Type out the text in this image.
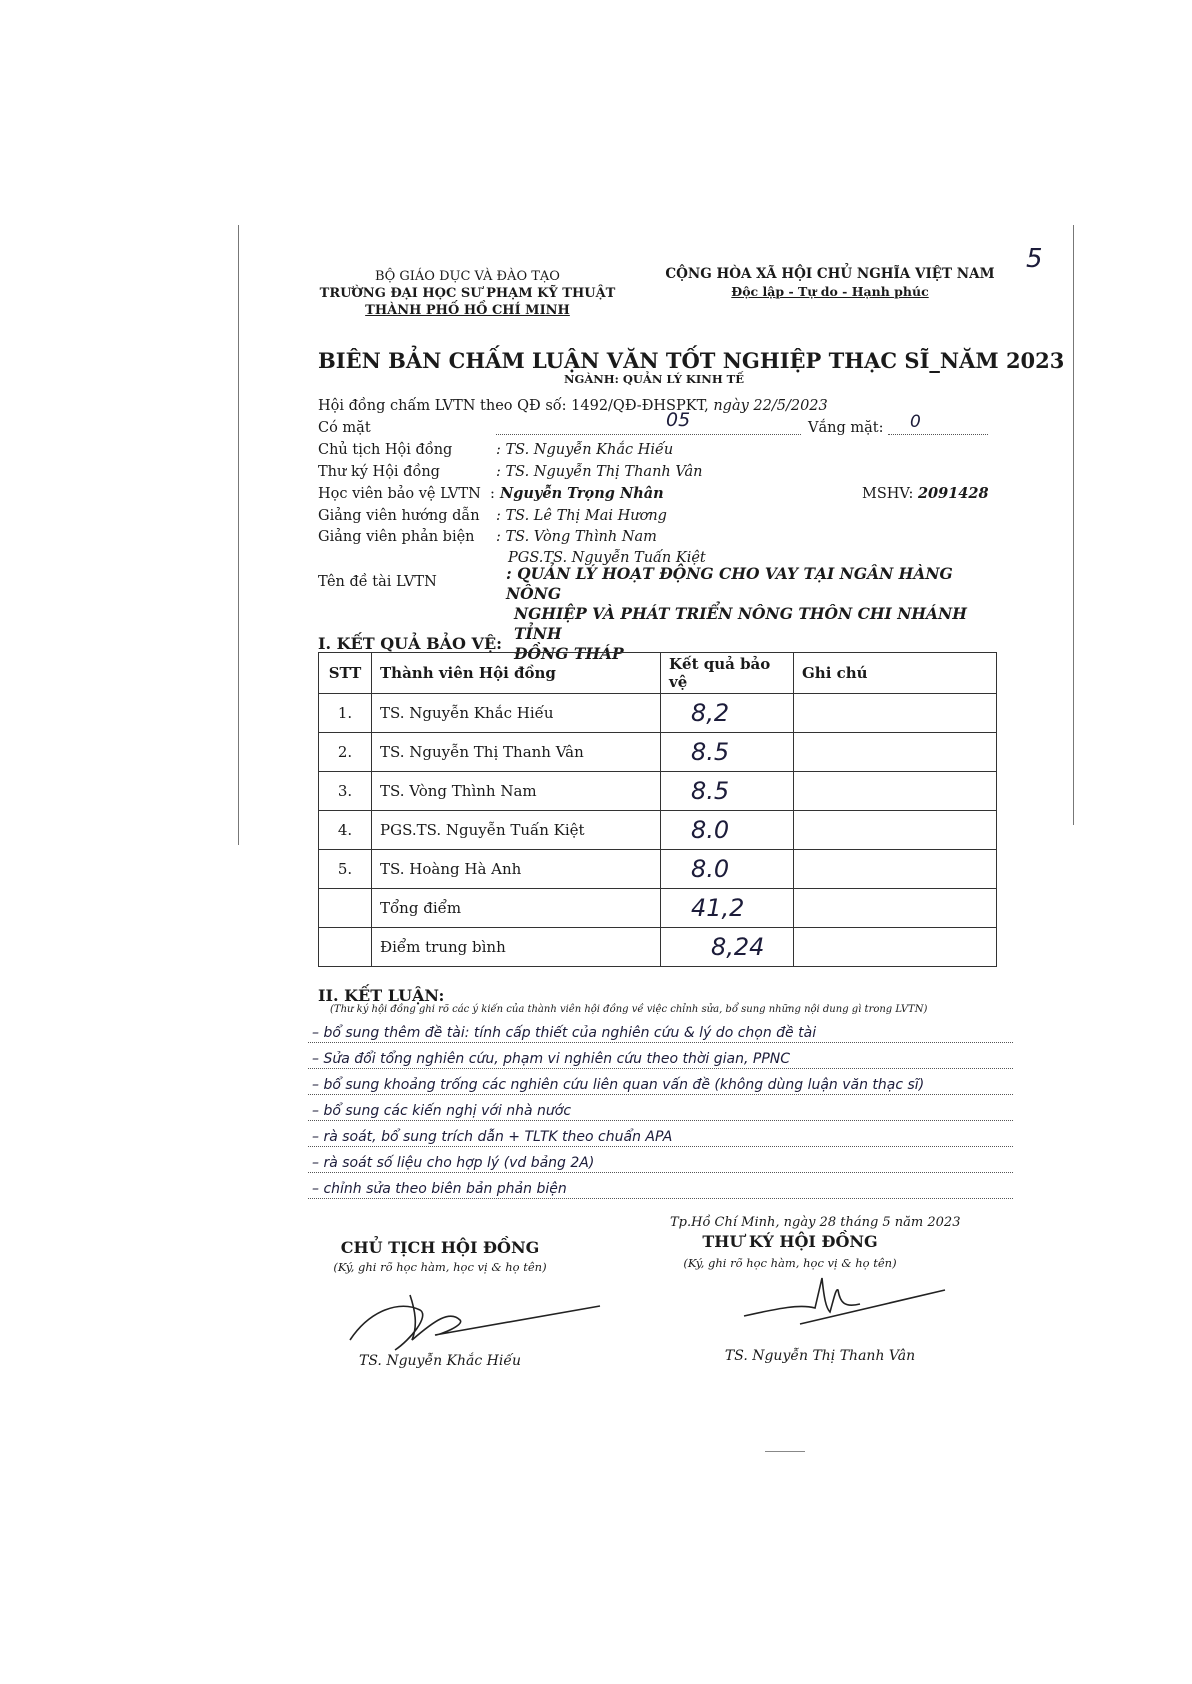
5
BỘ GIÁO DỤC VÀ ĐÀO TẠO
TRƯỜNG ĐẠI HỌC SƯ PHẠM KỸ THUẬT
THÀNH PHỐ HỒ CHÍ MINH
CỘNG HÒA XÃ HỘI CHỦ NGHĨA VIỆT NAM
Độc lập - Tự do - Hạnh phúc
BIÊN BẢN CHẤM LUẬN VĂN TỐT NGHIỆP THẠC SĨ_NĂM 2023
NGÀNH: QUẢN LÝ KINH TẾ
Hội đồng chấm LVTN theo QĐ số: 1492/QĐ-ĐHSPKT, ngày 22/5/2023
Có mặt	05	Vắng mặt: 0
Chủ tịch Hội đồng	: TS. Nguyễn Khắc Hiếu
Thư ký Hội đồng	: TS. Nguyễn Thị Thanh Vân
Học viên bảo vệ LVTN : Nguyễn Trọng Nhân	MSHV: 2091428
Giảng viên hướng dẫn : TS. Lê Thị Mai Hương
Giảng viên phản biện : TS. Vòng Thình Nam
PGS.TS. Nguyễn Tuấn Kiệt
Tên đề tài LVTN	: QUẢN LÝ HOẠT ĐỘNG CHO VAY TẠI NGÂN HÀNG NÔNG
NGHIỆP VÀ PHÁT TRIỂN NÔNG THÔN CHI NHÁNH TỈNH
ĐỒNG THÁP
I. KẾT QUẢ BẢO VỆ:
STT	Thành viên Hội đồng	Kết quả bảo vệ	Ghi chú
1.	TS. Nguyễn Khắc Hiếu	8,2	
2.	TS. Nguyễn Thị Thanh Vân	8.5	
3.	TS. Vòng Thình Nam	8.5	
4.	PGS.TS. Nguyễn Tuấn Kiệt	8.0	
5.	TS. Hoàng Hà Anh	8.0	
	Tổng điểm	41,2	
	Điểm trung bình	8,24	
II. KẾT LUẬN:
(Thư ký hội đồng ghi rõ các ý kiến của thành viên hội đồng về việc chỉnh sửa, bổ sung những nội dung gì trong LVTN)
– bổ sung thêm đề tài: tính cấp thiết của nghiên cứu & lý do chọn đề tài
– Sửa đổi tổng nghiên cứu, phạm vi nghiên cứu theo thời gian, PPNC
– bổ sung khoảng trống các nghiên cứu liên quan vấn đề (không dùng luận văn thạc sĩ)
– bổ sung các kiến nghị với nhà nước
– rà soát, bổ sung trích dẫn + TLTK theo chuẩn APA
– rà soát số liệu cho hợp lý (vd bảng 2A)
– chỉnh sửa theo biên bản phản biện
Tp.Hồ Chí Minh, ngày 28 tháng 5 năm 2023
CHỦ TỊCH HỘI ĐỒNG
(Ký, ghi rõ học hàm, học vị & họ tên)
THƯ KÝ HỘI ĐỒNG
(Ký, ghi rõ học hàm, học vị & họ tên)
TS. Nguyễn Khắc Hiếu	TS. Nguyễn Thị Thanh Vân
